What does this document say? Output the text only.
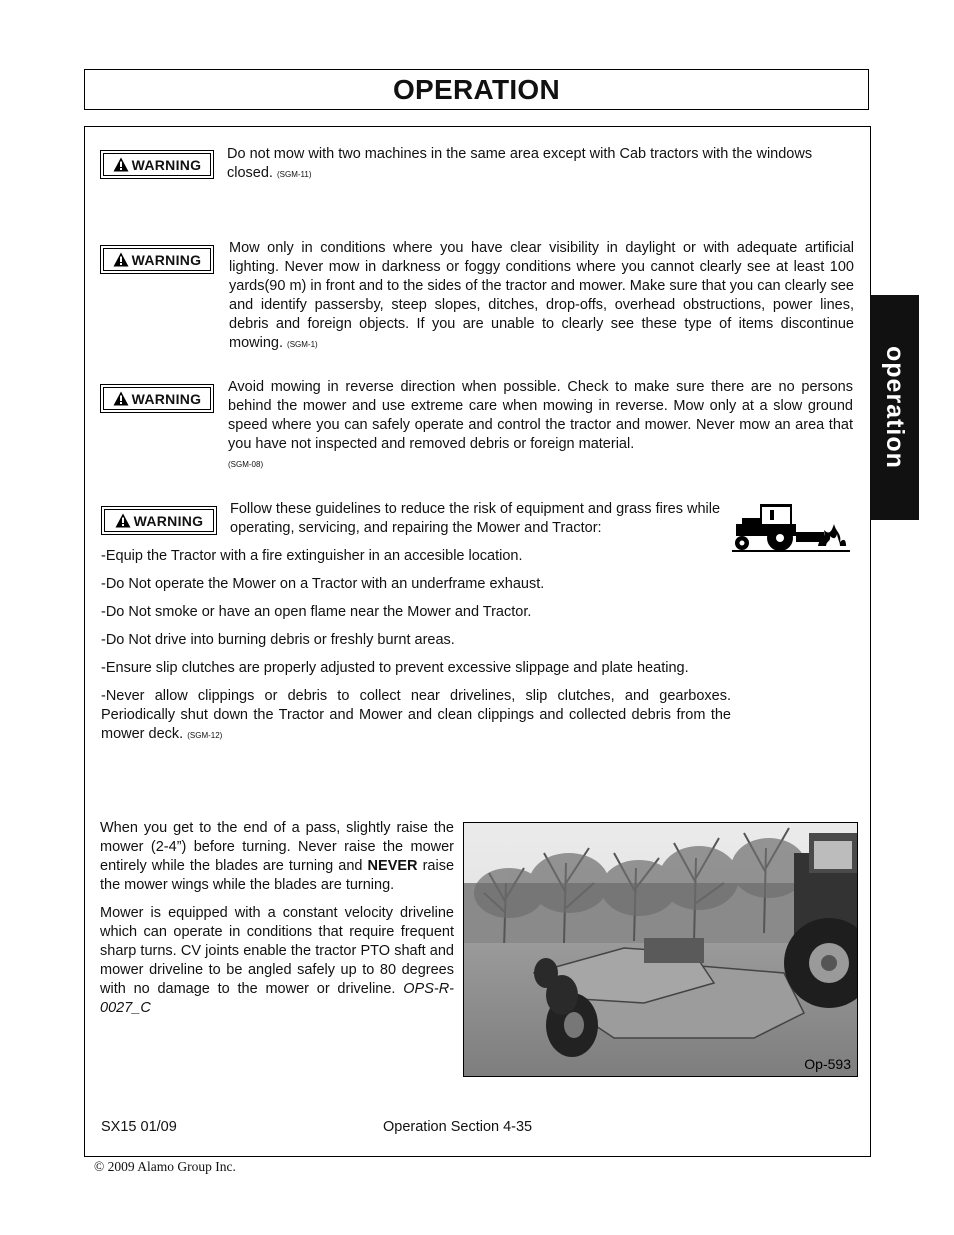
OPERATION
operation
WARNING

Do not mow with two machines in the same area except with Cab tractors with the windows closed. (SGM-11)

WARNING

Mow only in conditions where you have clear visibility in daylight or with adequate artificial lighting. Never mow in darkness or foggy conditions where you cannot clearly see at least 100 yards(90 m) in front and to the sides of the tractor and mower. Make sure that you can clearly see and identify passersby, steep slopes, ditches, drop-offs, overhead obstructions, power lines, debris and foreign objects. If you are unable to clearly see these type of items discontinue mowing. (SGM-1)

WARNING

Avoid mowing in reverse direction when possible. Check to make sure there are no persons behind the mower and use extreme care when mowing in reverse. Mow only at a slow ground speed where you can safely operate and control the tractor and mower. Never mow an area that you have not inspected and removed debris or foreign material.
(SGM-08)

WARNING

Follow these guidelines to reduce the risk of equipment and grass fires while operating, servicing, and repairing the Mower and Tractor:

-Equip the Tractor with a fire extinguisher in an accesible location.

-Do Not operate the Mower on a Tractor with an underframe exhaust.

-Do Not smoke or have an open flame near the Mower and Tractor.

-Do Not drive into burning debris or freshly burnt areas.

-Ensure slip clutches are properly adjusted to prevent excessive slippage and plate heating.

-Never allow clippings or debris to collect near drivelines, slip clutches, and gearboxes. Periodically shut down the Tractor and Mower and clean clippings and collected debris from the mower deck. (SGM-12)

When you get to the end of a pass, slightly raise the mower (2-4”) before turning. Never raise the mower entirely while the blades are turning and NEVER raise the mower wings while the blades are turning.

Mower is equipped with a constant velocity driveline which can operate in conditions that require frequent sharp turns. CV joints enable the tractor PTO shaft and mower driveline to be angled safely up to 80 degrees with no damage to the mower or driveline. OPS-R-0027_C

Op-593
SX15 01/09	Operation Section 4-35
© 2009 Alamo Group Inc.
